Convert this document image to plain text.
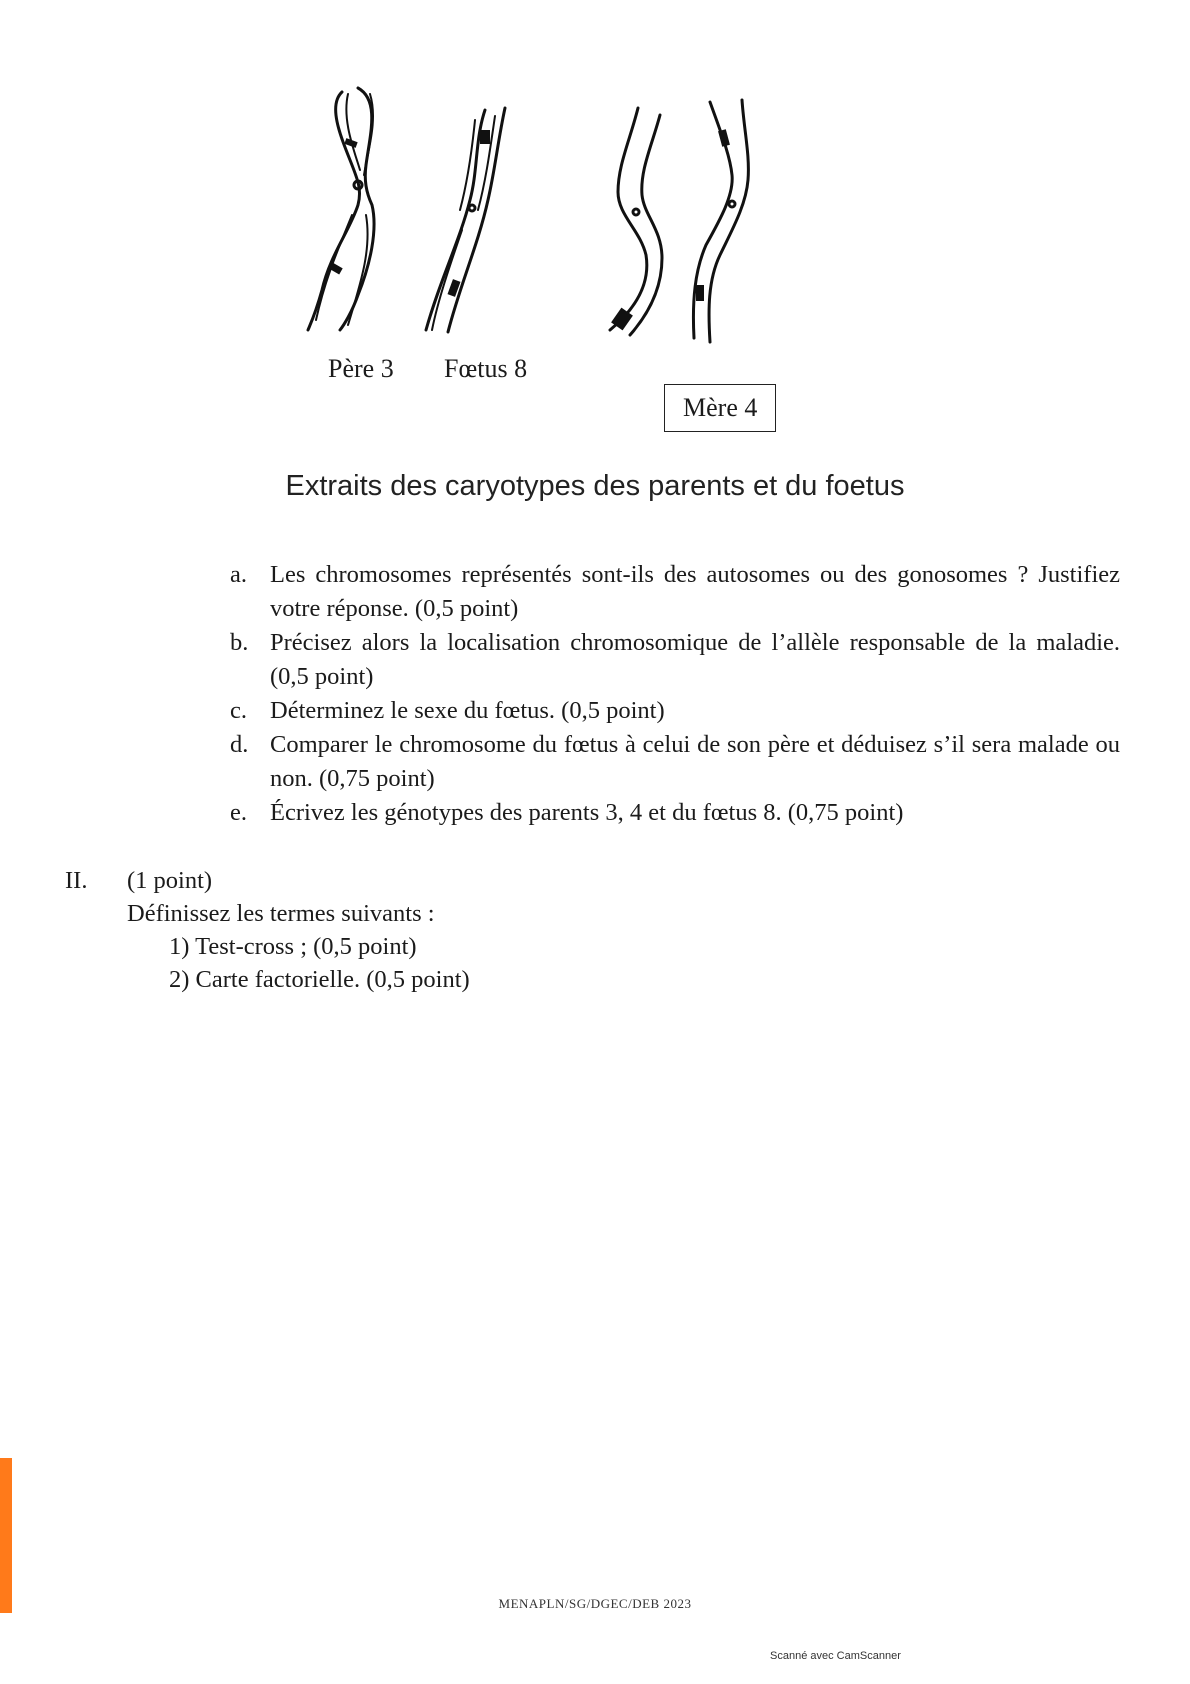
Père 3 Fœtus 8
Mère 4
Extraits des caryotypes des parents et du foetus
a. Les chromosomes représentés sont-ils des autosomes ou des gonosomes ? Justifiez votre réponse. (0,5 point)
b. Précisez alors la localisation chromosomique de l’allèle responsable de la maladie. (0,5 point)
c. Déterminez le sexe du fœtus. (0,5 point)
d. Comparer le chromosome du fœtus à celui de son père et déduisez s’il sera malade ou non. (0,75 point)
e. Écrivez les génotypes des parents 3, 4 et du fœtus 8. (0,75 point)
II.	(1 point)
Définissez les termes suivants :
1) Test-cross ; (0,5 point)
2) Carte factorielle. (0,5 point)
MENAPLN/SG/DGEC/DEB 2023
Scanné avec CamScanner
